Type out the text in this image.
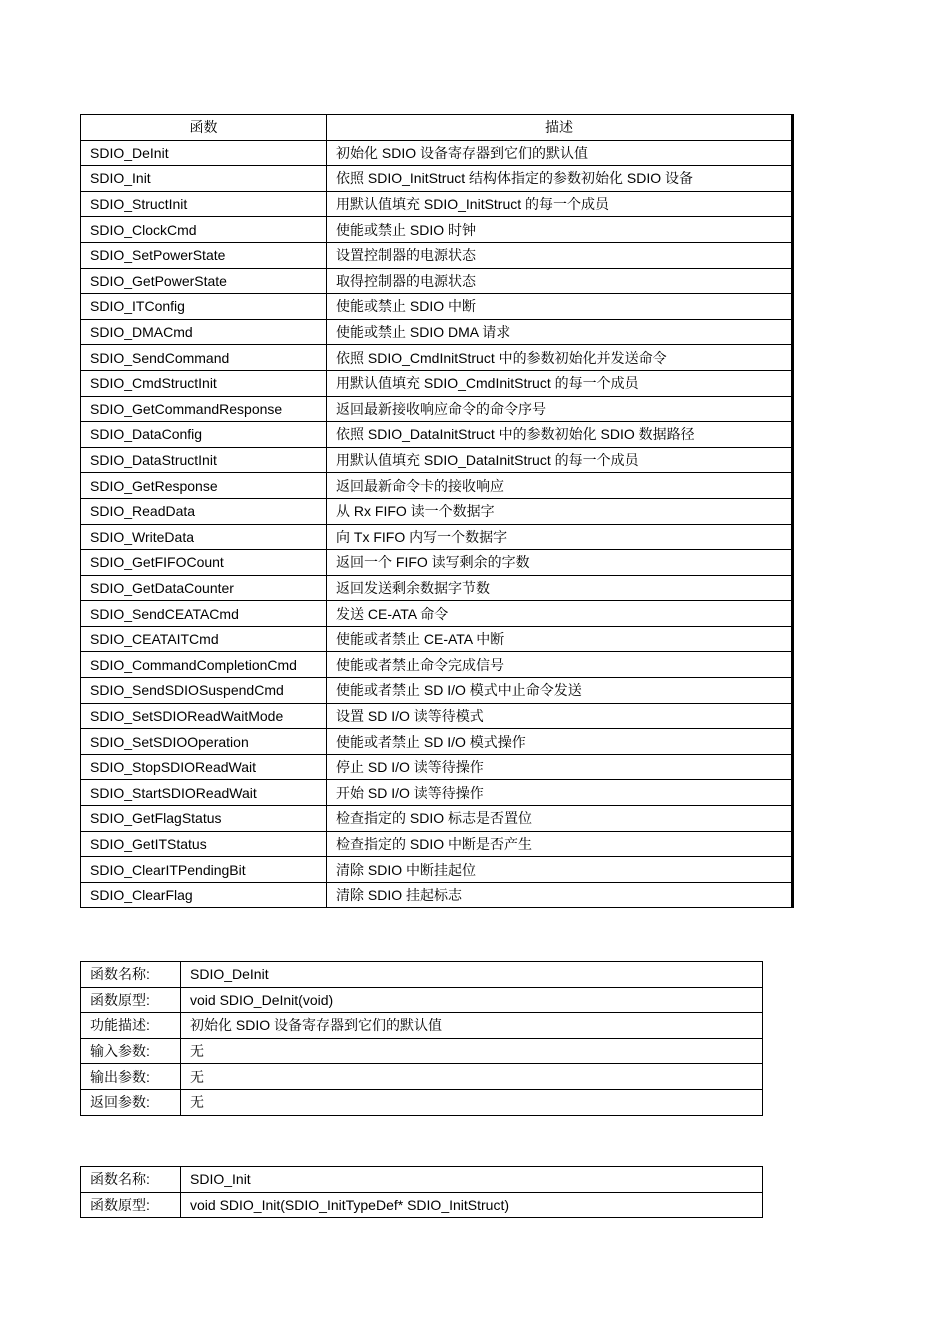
函数	描述
SDIO_DeInit	初始化 SDIO 设备寄存器到它们的默认值
SDIO_Init	依照 SDIO_InitStruct 结构体指定的参数初始化 SDIO 设备
SDIO_StructInit	用默认值填充 SDIO_InitStruct 的每一个成员
SDIO_ClockCmd	使能或禁止 SDIO 时钟
SDIO_SetPowerState	设置控制器的电源状态
SDIO_GetPowerState	取得控制器的电源状态
SDIO_ITConfig	使能或禁止 SDIO 中断
SDIO_DMACmd	使能或禁止 SDIO DMA 请求
SDIO_SendCommand	依照 SDIO_CmdInitStruct 中的参数初始化并发送命令
SDIO_CmdStructInit	用默认值填充 SDIO_CmdInitStruct 的每一个成员
SDIO_GetCommandResponse	返回最新接收响应命令的命令序号
SDIO_DataConfig	依照 SDIO_DataInitStruct 中的参数初始化 SDIO 数据路径
SDIO_DataStructInit	用默认值填充 SDIO_DataInitStruct 的每一个成员
SDIO_GetResponse	返回最新命令卡的接收响应
SDIO_ReadData	从 Rx FIFO 读一个数据字
SDIO_WriteData	向 Tx FIFO 内写一个数据字
SDIO_GetFIFOCount	返回一个 FIFO 读写剩余的字数
SDIO_GetDataCounter	返回发送剩余数据字节数
SDIO_SendCEATACmd	发送 CE-ATA 命令
SDIO_CEATAITCmd	使能或者禁止 CE-ATA 中断
SDIO_CommandCompletionCmd	使能或者禁止命令完成信号
SDIO_SendSDIOSuspendCmd	使能或者禁止 SD I/O 模式中止命令发送
SDIO_SetSDIOReadWaitMode	设置 SD I/O 读等待模式
SDIO_SetSDIOOperation	使能或者禁止 SD I/O 模式操作
SDIO_StopSDIOReadWait	停止 SD I/O 读等待操作
SDIO_StartSDIOReadWait	开始 SD I/O 读等待操作
SDIO_GetFlagStatus	检查指定的 SDIO 标志是否置位
SDIO_GetITStatus	检查指定的 SDIO 中断是否产生
SDIO_ClearITPendingBit	清除 SDIO 中断挂起位
SDIO_ClearFlag	清除 SDIO 挂起标志
函数名称:	SDIO_DeInit
函数原型:	void SDIO_DeInit(void)
功能描述:	初始化 SDIO 设备寄存器到它们的默认值
输入参数:	无
输出参数:	无
返回参数:	无
函数名称:	SDIO_Init
函数原型:	void SDIO_Init(SDIO_InitTypeDef* SDIO_InitStruct)
